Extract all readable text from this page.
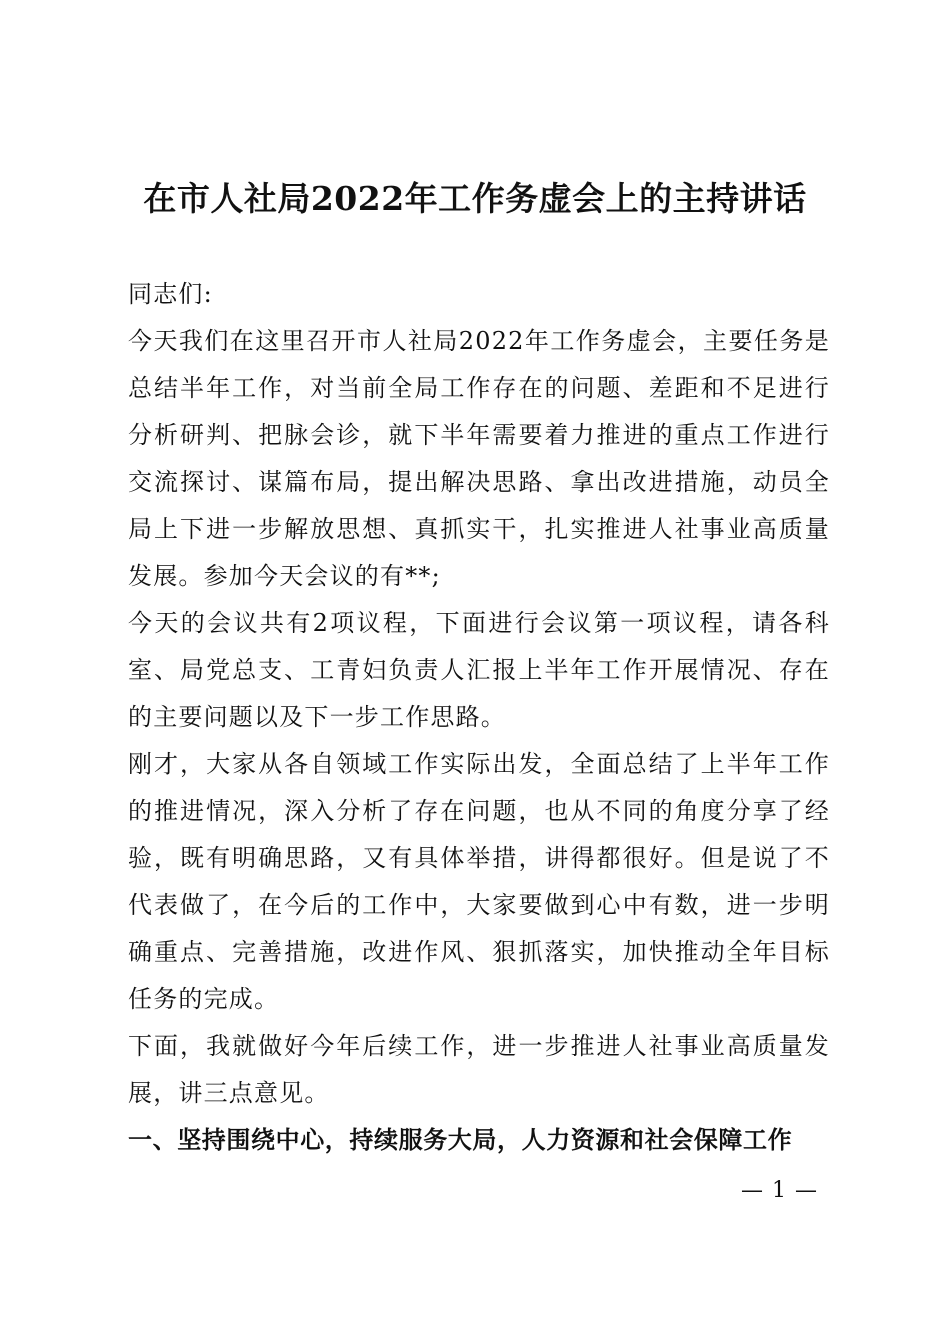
在市人社局2022年工作务虚会上的主持讲话

同志们:

今天我们在这里召开市人社局2022年工作务虚会，主要任务是总结半年工作，对当前全局工作存在的问题、差距和不足进行分析研判、把脉会诊，就下半年需要着力推进的重点工作进行交流探讨、谋篇布局，提出解决思路、拿出改进措施，动员全局上下进一步解放思想、真抓实干，扎实推进人社事业高质量发展。参加今天会议的有**;

今天的会议共有2项议程，下面进行会议第一项议程，请各科室、局党总支、工青妇负责人汇报上半年工作开展情况、存在的主要问题以及下一步工作思路。

刚才，大家从各自领域工作实际出发，全面总结了上半年工作的推进情况，深入分析了存在问题，也从不同的角度分享了经验，既有明确思路，又有具体举措，讲得都很好。但是说了不代表做了，在今后的工作中，大家要做到心中有数，进一步明确重点、完善措施，改进作风、狠抓落实，加快推动全年目标任务的完成。

下面，我就做好今年后续工作，进一步推进人社事业高质量发展，讲三点意见。

一、坚持围绕中心，持续服务大局，人力资源和社会保障工作

— 1 —
